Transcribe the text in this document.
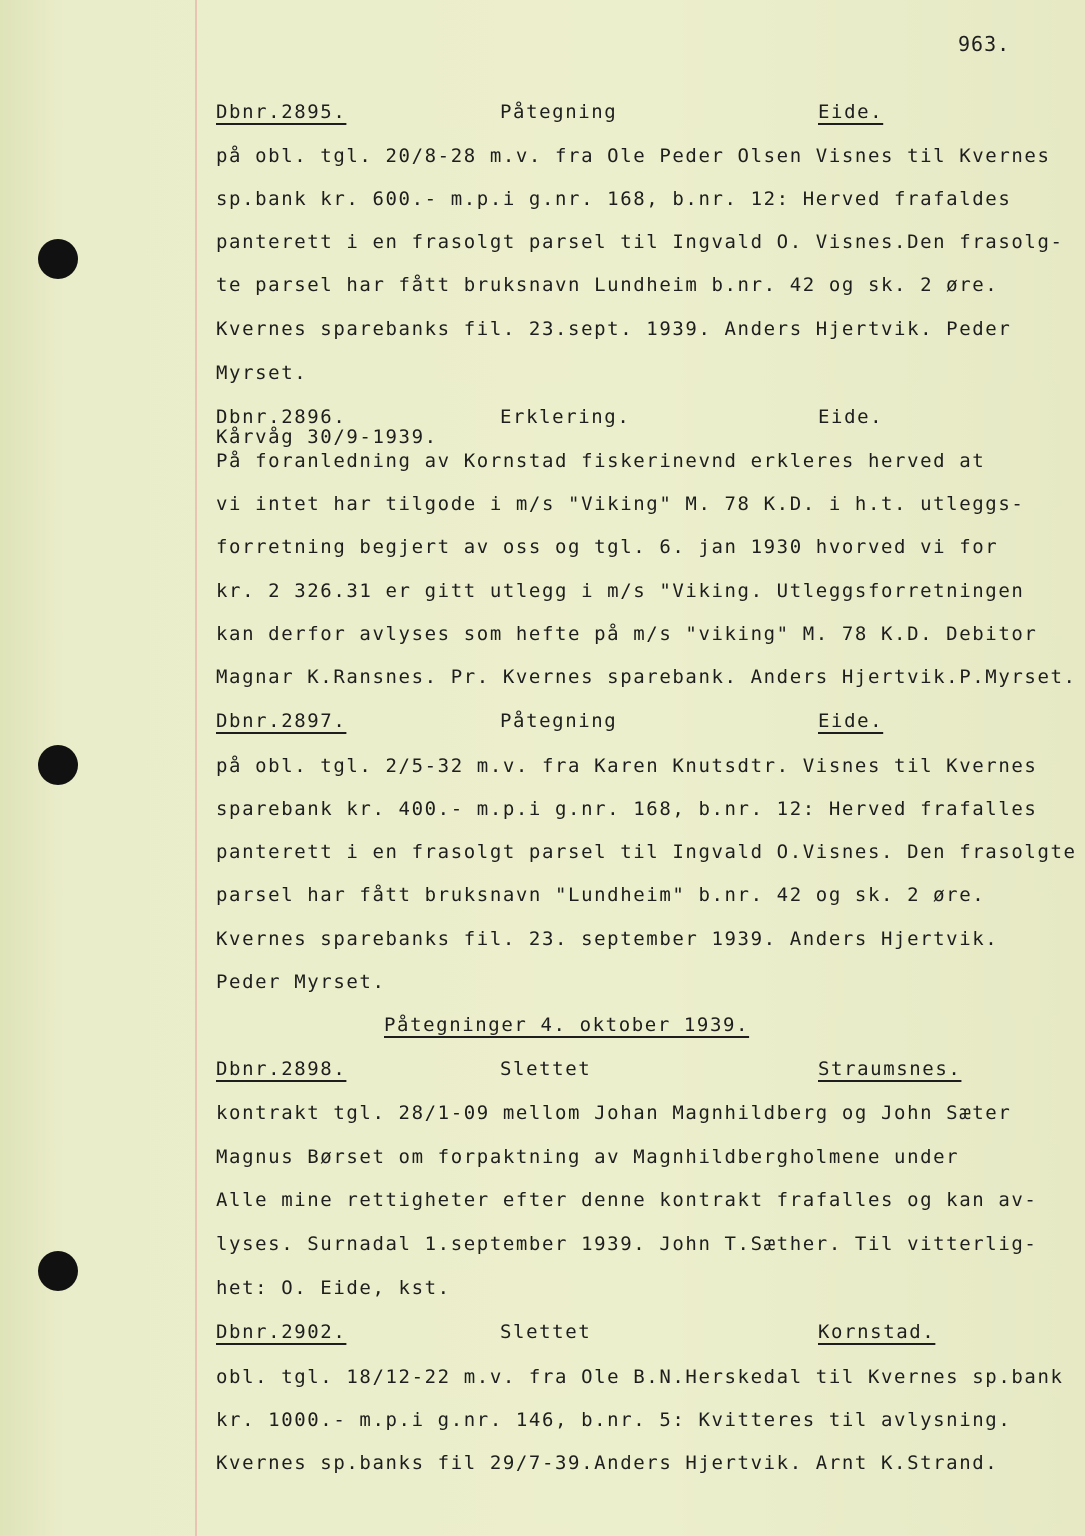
963.
Dbnr.2895.	Påtegning	Eide.
på obl. tgl. 20/8-28 m.v. fra Ole Peder Olsen Visnes til Kvernes
sp.bank kr. 600.- m.p.i g.nr. 168, b.nr. 12: Herved frafaldes
panterett i en frasolgt parsel til Ingvald O. Visnes.Den frasolg-
te parsel har fått bruksnavn Lundheim b.nr. 42 og sk. 2 øre.
Kvernes sparebanks fil. 23.sept. 1939. Anders Hjertvik. Peder
Myrset.
Dbnr.2896.	Erklering.	Eide.
Kårvåg 30/9-1939.
På foranledning av Kornstad fiskerinevnd erkleres herved at
vi intet har tilgode i m/s "Viking" M. 78 K.D. i h.t. utleggs-
forretning begjert av oss og tgl. 6. jan 1930 hvorved vi for
kr. 2 326.31 er gitt utlegg i m/s "Viking. Utleggsforretningen
kan derfor avlyses som hefte på m/s "viking" M. 78 K.D. Debitor
Magnar K.Ransnes. Pr. Kvernes sparebank. Anders Hjertvik.P.Myrset.
Dbnr.2897.	Påtegning	Eide.
på obl. tgl. 2/5-32 m.v. fra Karen Knutsdtr. Visnes til Kvernes
sparebank kr. 400.- m.p.i g.nr. 168, b.nr. 12: Herved frafalles
panterett i en frasolgt parsel til Ingvald O.Visnes. Den frasolgte
parsel har fått bruksnavn "Lundheim" b.nr. 42 og sk. 2 øre.
Kvernes sparebanks fil. 23. september 1939. Anders Hjertvik.
Peder Myrset.
Påtegninger 4. oktober 1939.
Dbnr.2898.	Slettet	Straumsnes.
kontrakt tgl. 28/1-09 mellom Johan Magnhildberg og John Sæter
Magnus Børset om forpaktning av Magnhildbergholmene under
Alle mine rettigheter efter denne kontrakt frafalles og kan av-
lyses. Surnadal 1.september 1939. John T.Sæther. Til vitterlig-
het: O. Eide, kst.
Dbnr.2902.	Slettet	Kornstad.
obl. tgl. 18/12-22 m.v. fra Ole B.N.Herskedal til Kvernes sp.bank
kr. 1000.- m.p.i g.nr. 146, b.nr. 5: Kvitteres til avlysning.
Kvernes sp.banks fil 29/7-39.Anders Hjertvik. Arnt K.Strand.
